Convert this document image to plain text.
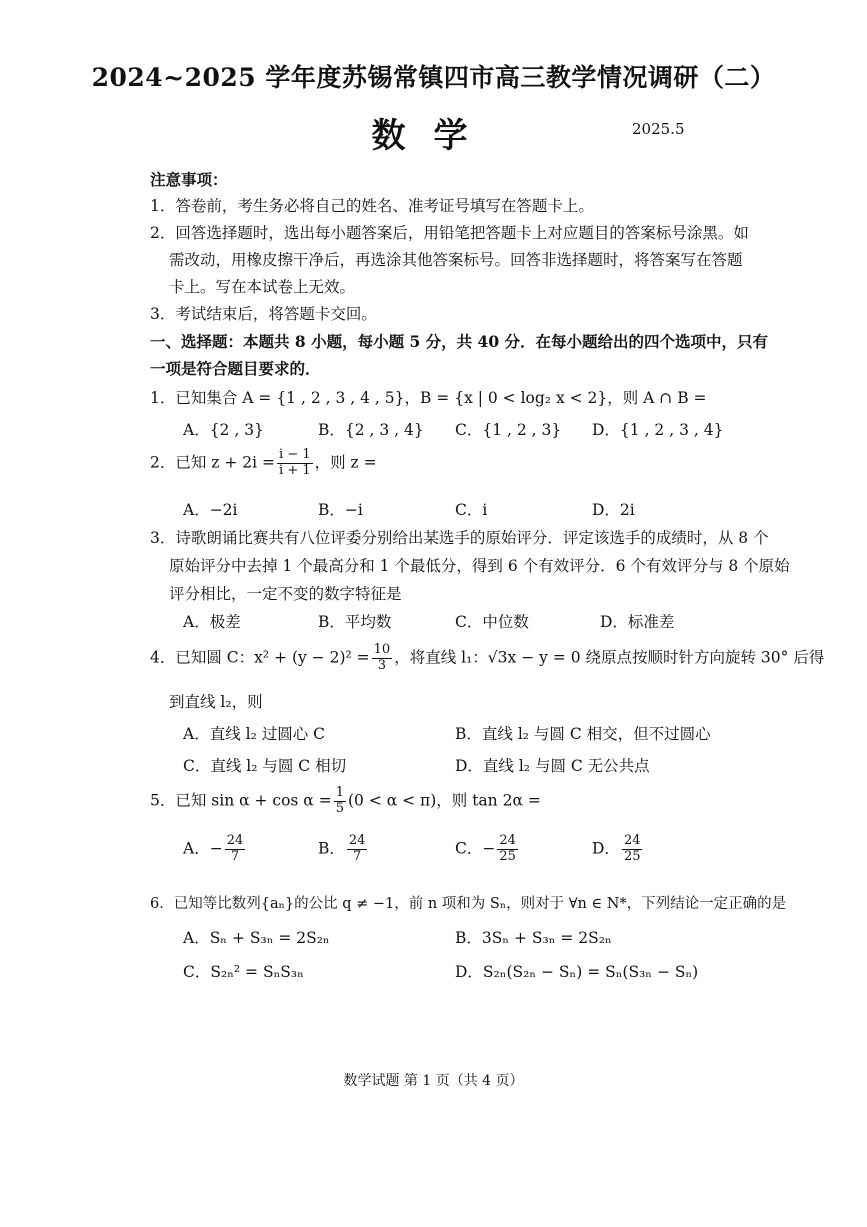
2024~2025 学年度苏锡常镇四市高三教学情况调研（二）
数学	2025.5
注意事项：
1．答卷前，考生务必将自己的姓名、准考证号填写在答题卡上。
2．回答选择题时，选出每小题答案后，用铅笔把答题卡上对应题目的答案标号涂黑。如
需改动，用橡皮擦干净后，再选涂其他答案标号。回答非选择题时，将答案写在答题
卡上。写在本试卷上无效。
3．考试结束后，将答题卡交回。
一、选择题：本题共 8 小题，每小题 5 分，共 40 分．在每小题给出的四个选项中，只有
一项是符合题目要求的．
1．已知集合 A = {1 , 2 , 3 , 4 , 5}，B = {x | 0 < log₂ x < 2}，则 A ∩ B =
A．{2 , 3}	B．{2 , 3 , 4} C．{1 , 2 , 3} D．{1 , 2 , 3 , 4}
2．已知 $z + 2i = \frac{i - 1}{i + 1}$ ，则 z =
A．−2i	B．−i	C．i	D．2i
3．诗歌朗诵比赛共有八位评委分别给出某选手的原始评分．评定该选手的成绩时，从 8 个
原始评分中去掉 1 个最高分和 1 个最低分，得到 6 个有效评分．6 个有效评分与 8 个原始
评分相比，一定不变的数字特征是
A．极差	B．平均数	C．中位数	D．标准差
4．已知圆 C：$x^2 + (y - 2)^2 = \frac{10}{3}$ ，将直线 l₁：√3x − y = 0 绕原点按顺时针方向旋转 30° 后得
到直线 l₂，则
A．直线 l₂ 过圆心 C	B．直线 l₂ 与圆 C 相交，但不过圆心
C．直线 l₂ 与圆 C 相切	D．直线 l₂ 与圆 C 无公共点
5．已知 $\sin \alpha + \cos \alpha = \frac{1}{5} (0 < \alpha < \pi)$，则 tan 2α =
A．− $\frac{24}{7}$	B． $\frac{24}{7}$	C．− $\frac{24}{25}$	D． $\frac{24}{25}$
6．已知等比数列{aₙ}的公比 q ≠ −1，前 n 项和为 Sₙ，则对于 ∀n ∈ N*，下列结论一定正确的是
A．Sₙ + S₃ₙ = 2S₂ₙ	B．3Sₙ + S₃ₙ = 2S₂ₙ
C．S₂ₙ² = SₙS₃ₙ	D．S₂ₙ(S₂ₙ − Sₙ) = Sₙ(S₃ₙ − Sₙ)
数学试题 第 1 页（共 4 页）
